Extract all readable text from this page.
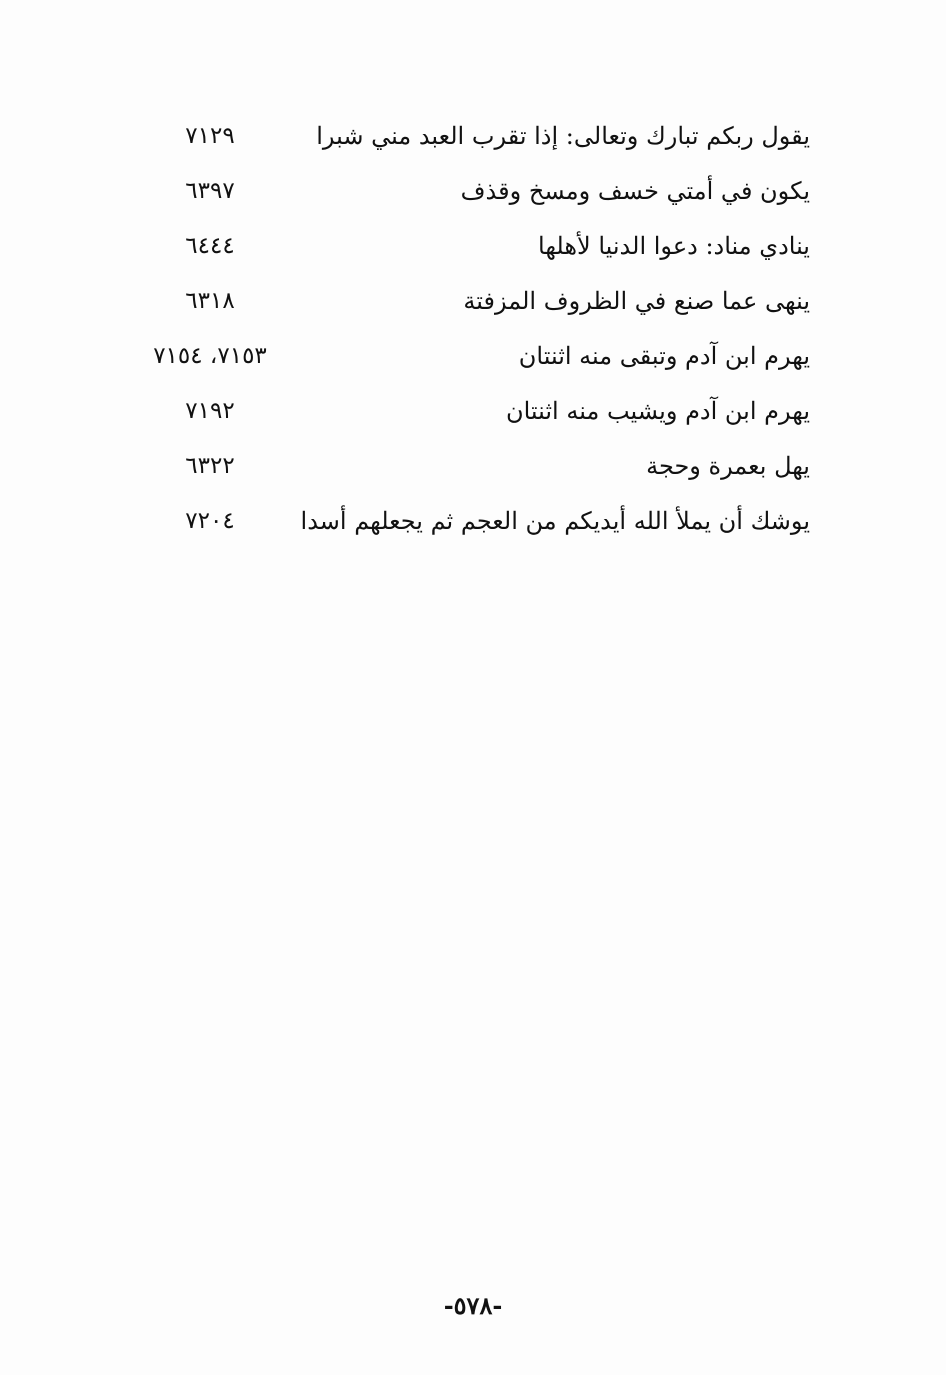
يقول ربكم تبارك وتعالى: إذا تقرب العبد مني شبرا
٧١٢٩
يكون في أمتي خسف ومسخ وقذف
٦٣٩٧
ينادي مناد: دعوا الدنيا لأهلها
٦٤٤٤
ينهى عما صنع في الظروف المزفتة
٦٣١٨
يهرم ابن آدم وتبقى منه اثنتان
٧١٥٣، ٧١٥٤
يهرم ابن آدم ويشيب منه اثنتان
٧١٩٢
يهل بعمرة وحجة
٦٣٢٢
يوشك أن يملأ الله أيديكم من العجم ثم يجعلهم أسدا
٧٢٠٤
-٥٧٨-
